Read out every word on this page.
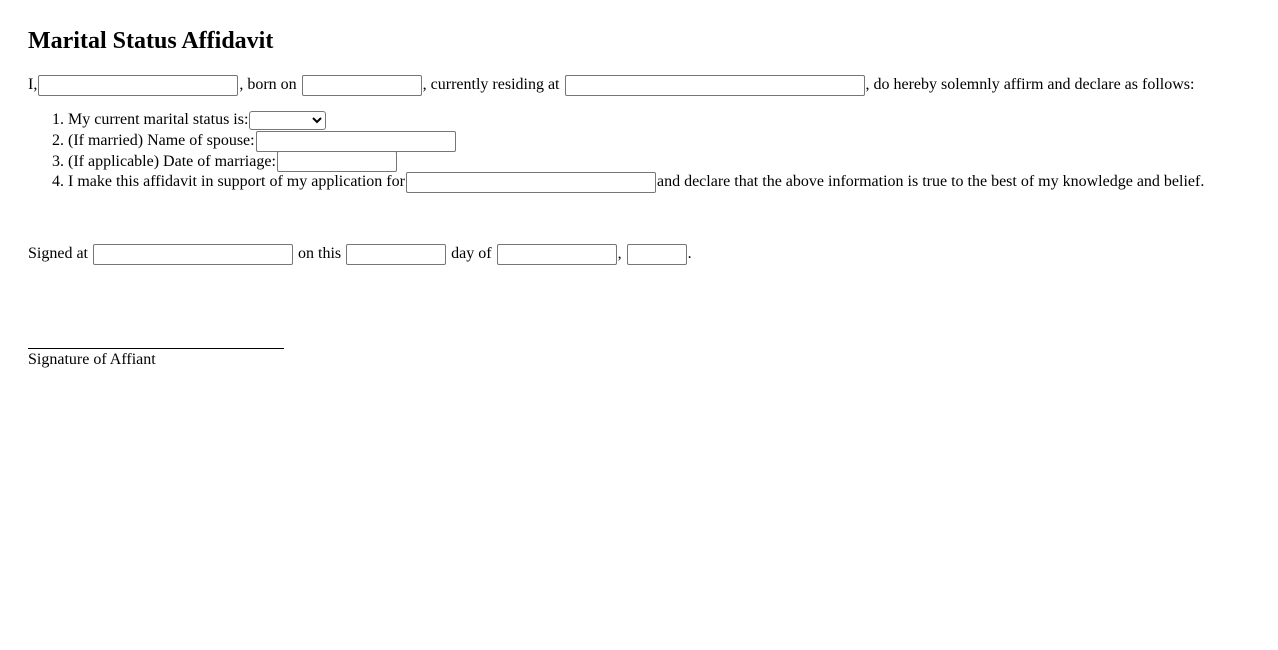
Marital Status Affidavit
I,	, born on
	, currently residing at
	, do hereby solemnly affirm and declare as follows:
1. My current marital status is:
2. (If married) Name of spouse:
3. (If applicable) Date of marriage:
4. I make this affidavit in support of my application for	and declare that the above information is true to the best of my knowledge and belief.
Signed at

	on this

	day of
	,
	.
Signature of Affiant
